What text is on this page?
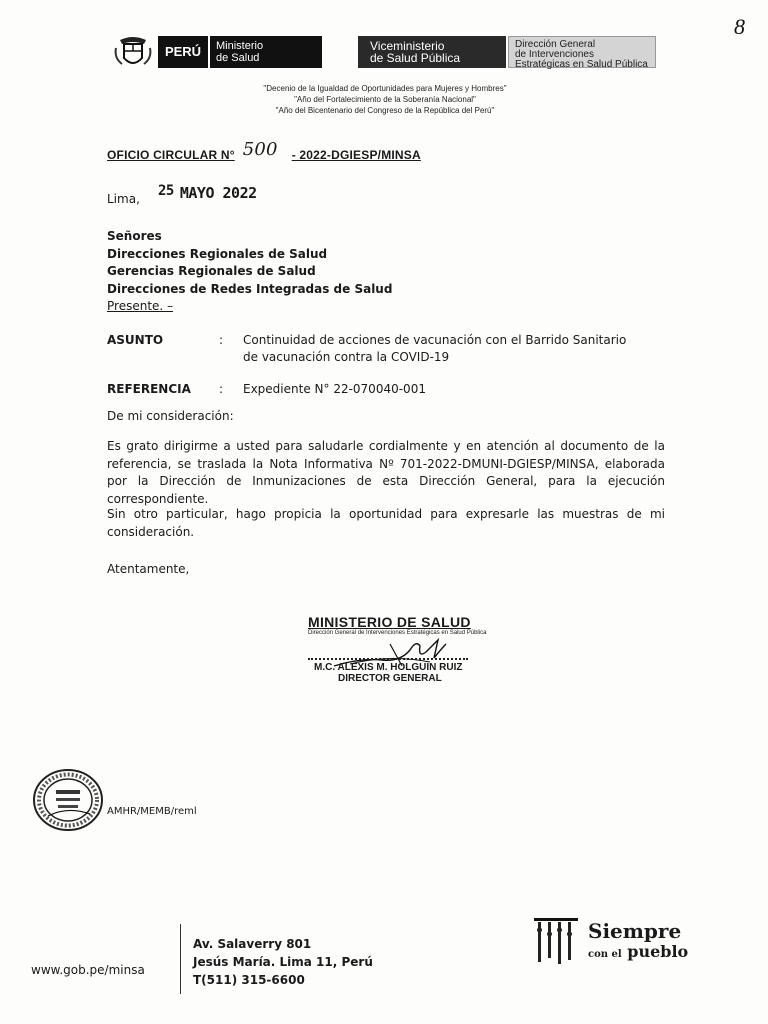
8
PERÚ	Ministerio
de Salud
Viceministerio
de Salud Pública
Dirección General
de Intervenciones
Estratégicas en Salud Pública
"Decenio de la Igualdad de Oportunidades para Mujeres y Hombres"
"Año del Fortalecimiento de la Soberanía Nacional"
"Año del Bicentenario del Congreso de la República del Perú"
OFICIO CIRCULAR N° 500 - 2022-DGIESP/MINSA
Lima, 25 MAYO 2022
Señores
Direcciones Regionales de Salud
Gerencias Regionales de Salud
Direcciones de Redes Integradas de Salud
Presente. –
ASUNTO	: Continuidad de acciones de vacunación con el Barrido Sanitario de vacunación contra la COVID-19
REFERENCIA : Expediente N° 22-070040-001
De mi consideración:
Es grato dirigirme a usted para saludarle cordialmente y en atención al documento de la referencia, se traslada la Nota Informativa Nº 701-2022-DMUNI-DGIESP/MINSA, elaborada por la Dirección de Inmunizaciones de esta Dirección General, para la ejecución correspondiente.
Sin otro particular, hago propicia la oportunidad para expresarle las muestras de mi consideración.
Atentamente,
MINISTERIO DE SALUD
Dirección General de Intervenciones Estratégicas en Salud Pública
M.C. ALEXIS M. HOLGUIN RUIZ
DIRECTOR GENERAL
AMHR/MEMB/reml
www.gob.pe/minsa
Av. Salaverry 801
Jesús María. Lima 11, Perú
T(511) 315-6600
Siempre
con el pueblo
